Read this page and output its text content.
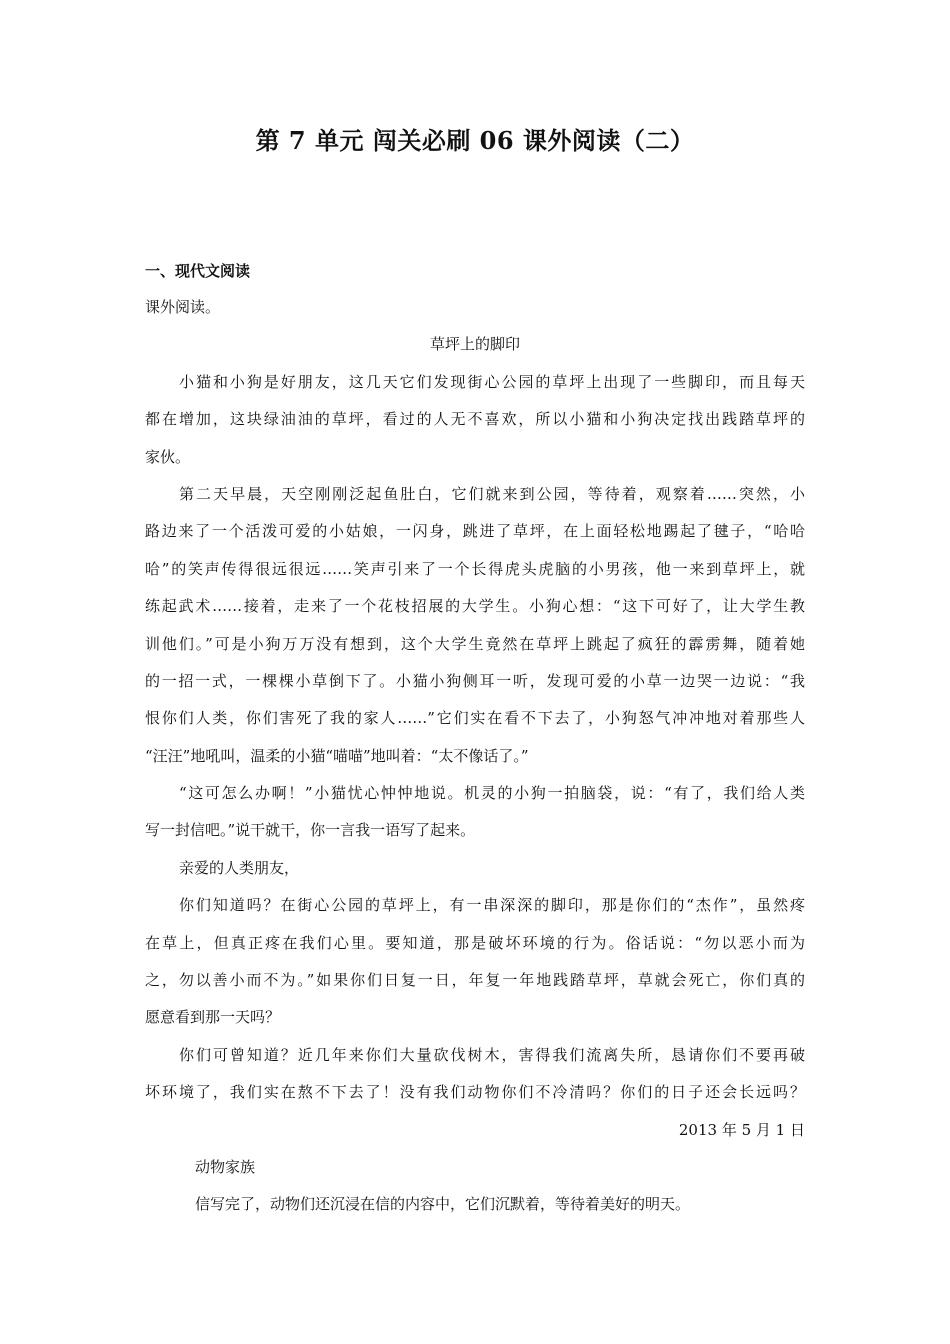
第 7 单元 闯关必刷 06 课外阅读（二）
一、现代文阅读
课外阅读。
草坪上的脚印
小猫和小狗是好朋友，这几天它们发现街心公园的草坪上出现了一些脚印，而且每天
都在增加，这块绿油油的草坪，看过的人无不喜欢，所以小猫和小狗决定找出践踏草坪的
家伙。
第二天早晨，天空刚刚泛起鱼肚白，它们就来到公园，等待着，观察着……突然，小
路边来了一个活泼可爱的小姑娘，一闪身，跳进了草坪，在上面轻松地踢起了毽子，“哈哈
哈”的笑声传得很远很远……笑声引来了一个长得虎头虎脑的小男孩，他一来到草坪上，就
练起武术……接着，走来了一个花枝招展的大学生。小狗心想：“这下可好了，让大学生教
训他们。”可是小狗万万没有想到，这个大学生竟然在草坪上跳起了疯狂的霹雳舞，随着她
的一招一式，一棵棵小草倒下了。小猫小狗侧耳一听，发现可爱的小草一边哭一边说：“我
恨你们人类，你们害死了我的家人……”它们实在看不下去了，小狗怒气冲冲地对着那些人
“汪汪”地吼叫，温柔的小猫“喵喵”地叫着：“太不像话了。”
“这可怎么办啊！”小猫忧心忡忡地说。机灵的小狗一拍脑袋，说：“有了，我们给人类
写一封信吧。”说干就干，你一言我一语写了起来。
亲爱的人类朋友，
你们知道吗？在街心公园的草坪上，有一串深深的脚印，那是你们的“杰作”，虽然疼
在草上，但真正疼在我们心里。要知道，那是破坏环境的行为。俗话说：“勿以恶小而为
之，勿以善小而不为。”如果你们日复一日，年复一年地践踏草坪，草就会死亡，你们真的
愿意看到那一天吗？
你们可曾知道？近几年来你们大量砍伐树木，害得我们流离失所，恳请你们不要再破
坏环境了，我们实在熬不下去了！没有我们动物你们不冷清吗？你们的日子还会长远吗？
2013 年 5 月 1 日
动物家族
信写完了，动物们还沉浸在信的内容中，它们沉默着，等待着美好的明天。
